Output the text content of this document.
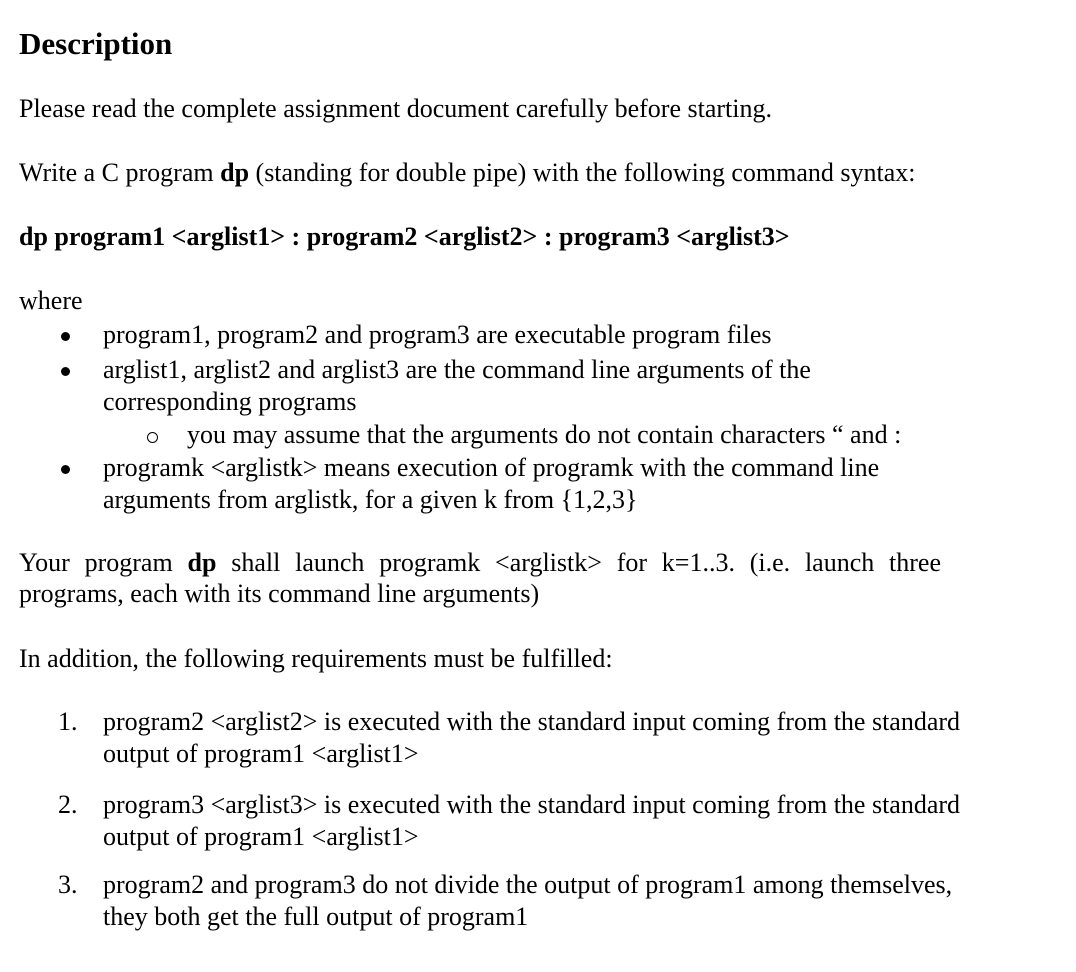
Description
Please read the complete assignment document carefully before starting.
Write a C program dp (standing for double pipe) with the following command syntax:
dp program1 <arglist1> : program2 <arglist2> : program3 <arglist3>
where
program1, program2 and program3 are executable program files
arglist1, arglist2 and arglist3 are the command line arguments of the
corresponding programs
you may assume that the arguments do not contain characters “ and :
programk <arglistk> means execution of programk with the command line
arguments from arglistk, for a given k from {1,2,3}
Your program dp shall launch programk <arglistk> for k=1..3. (i.e. launch three
programs, each with its command line arguments)
In addition, the following requirements must be fulfilled:
1. program2 <arglist2> is executed with the standard input coming from the standard
output of program1 <arglist1>
2. program3 <arglist3> is executed with the standard input coming from the standard
output of program1 <arglist1>
3. program2 and program3 do not divide the output of program1 among themselves,
they both get the full output of program1
